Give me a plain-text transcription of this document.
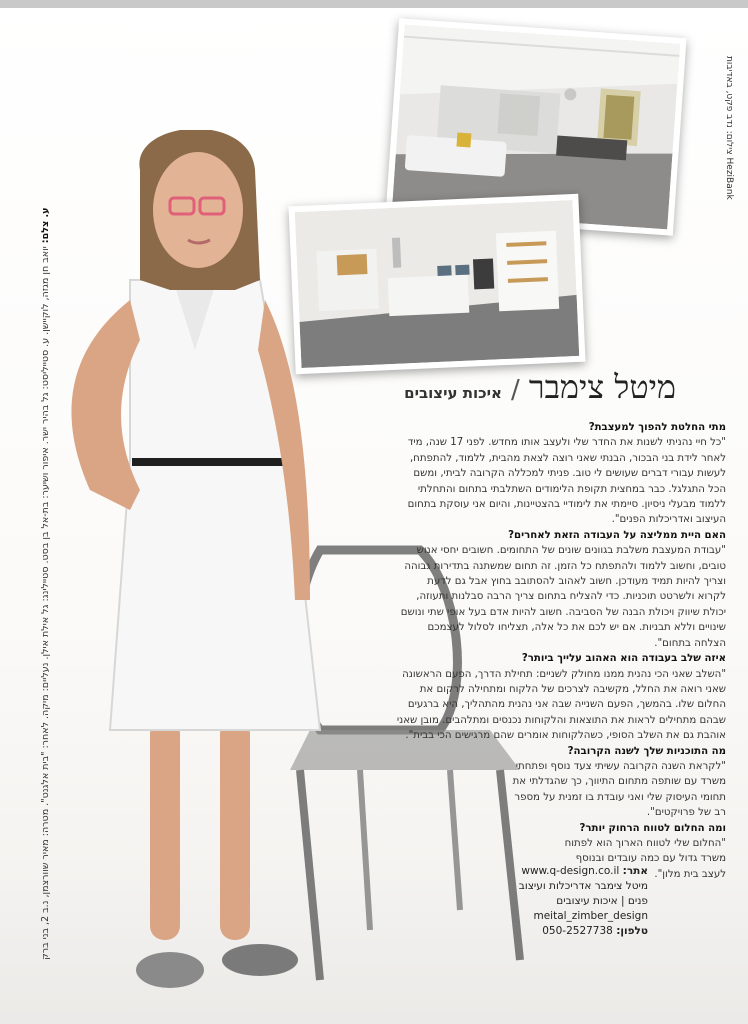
צילום: נדב פקט, באדיבות HeziBank
מיטל צימבר / איכות עיצובים
מתי החלטת להפוך למעצבת?
"כל חיי נהניתי לשנות את החדר שלי ולעצב אותו מחדש. לפני 17 שנה, מיד לאחר לידת בני הבכור, הבנתי שאני רוצה לצאת מהבית, ללמוד, להתפתח, לעשות עבורי דברים שעושים לי טוב. פניתי למכללה הקרובה לביתי, ומשם הכל התגלגל. כבר במחצית תקופת הלימודים השתלבתי בתחום והתחלתי ללמוד מבעלי ניסיון. סיימתי את לימודיי בהצטיינות, והיום אני עוסקת בתחום העיצוב ואדריכלות הפנים".
האם היית ממליצה על העבודה הזאת לאחרים?
"עבודת המעצבת משלבת בגוונים שונים של התחומים. חשובים יחסי אנוש טובים, וחשוב ללמוד ולהתפתח כל הזמן. זה תחום שמשתנה בתדירות גבוהה וצריך להיות תמיד מעודכן. חשוב לאהוב להסתובב בחוץ אבל גם לדעת לקרוא ולשרטט תוכניות. כדי להצליח בתחום צריך הרבה סבלנות ותעוזה, יכולת שיווק ויכולת הבנה של הסביבה. חשוב להיות אדם בעל אופי שתי ונושם שינויים וללא תבניות. אם יש לכם את כל אלה, תצליחו לסלול לעצמכם הצלחה בתחום".
איזה שלב בעבודה הוא האהוב עלייך ביותר?
"השלב שאני הכי נהנית ממנו מחולק לשניים: תחילת הדרך, הפעם הראשונה שאני רואה את החלל, מקשיבה לצרכים של הלקוח ומתחילה לרקום את החלום שלו. בהמשך, הפעם השנייה שבה אני נהנית מהתהליך, היא ברגעים שבהם מתחילים לראות את התוצאות והלקוחות נכנסים ומתלהבים. מובן שאני אוהבת גם את השלב הסופי, כשהלקוחות אומרים שהם מרגישים הכי בבית".
מה התוכניות שלך לשנה הקרובה?
"לקראת השנה הקרובה עשיתי צעד נוסף ופתחתי משרד עם שותפה מתחום התיווך, כך שהגדלתי את תחומי העיסוק שלי ואני עובדת בו זמנית על מספר רב של פרויקטים".
ומה החלום לטווח הרחוק יותר?
"החלום שלי לטווח הארוך הוא לפתוח משרד גדול עם כמה עובדים ובנוסף לעצב בית מלון".
אתר: www.q-design.co.il
מיטל צימבר אדריכלות ועיצוב
פנים | איכות עיצובים
meital_zimber_design
טלפון: 050-2527738
ע. צלם: יואב חן מגזה, לוקיישן. ע. סטייליסט: גל בהיר ישר. איפור ושיער: בת-אל בן בסט. סטיילינג: גל אילת אילן. נעליים: מיקה. לאחר: "בית אלגנט". מטרה: מאיר שוורצמן, נ.ב 2, בני ברק
